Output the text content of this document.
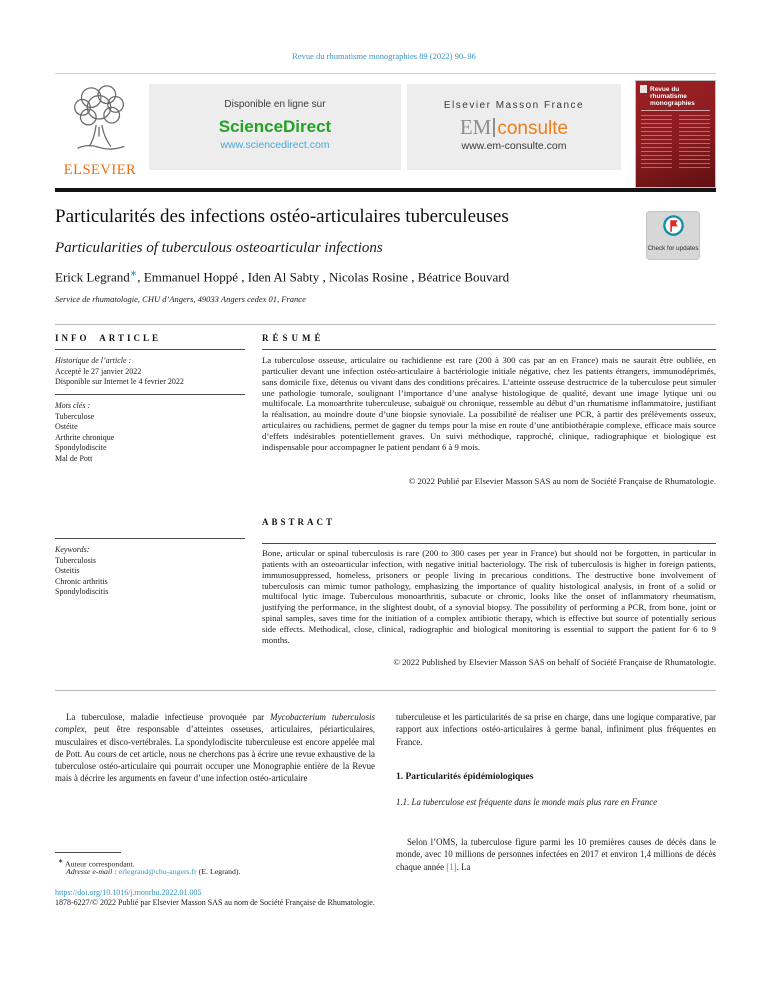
Revue du rhumatisme monographies 89 (2022) 90–96
ELSEVIER
Disponible en ligne sur
ScienceDirect
www.sciencedirect.com
Elsevier Masson France
EM consulte
www.em-consulte.com
Revue du rhumatisme monographies
Particularités des infections ostéo-articulaires tuberculeuses
Check for updates
Particularities of tuberculous osteoarticular infections
Erick Legrand∗, Emmanuel Hoppé , Iden Al Sabty , Nicolas Rosine , Béatrice Bouvard
Service de rhumatologie, CHU d’Angers, 49033 Angers cedex 01, France
INFO ARTICLE
Historique de l’article :
Accepté le 27 janvier 2022
Disponible sur Internet le 4 fevrier 2022
Mots clés :
Tuberculose
Ostéite
Arthrite chronique
Spondylodiscite
Mal de Pott
Keywords:
Tuberculosis
Osteitis
Chronic arthritis
Spondylodiscitis
RÉSUMÉ
La tuberculose osseuse, articulaire ou rachidienne est rare (200 à 300 cas par an en France) mais ne saurait être oubliée, en particulier devant une infection ostéo-articulaire à bactériologie initiale négative, chez les patients étrangers, immunodéprimés, sans domicile fixe, détenus ou vivant dans des conditions précaires. L’atteinte osseuse destructrice de la tuberculose peut simuler une pathologie tumorale, soulignant l’importance d’une analyse histologique de qualité, devant une image lytique uni ou multifocale. La monoarthrite tuberculeuse, subaiguë ou chronique, ressemble au début d’un rhumatisme inflammatoire, justifiant la réalisation, au moindre doute d’une biopsie synoviale. La possibilité de réaliser une PCR, à partir des prélèvements osseux, articulaires ou rachidiens, permet de gagner du temps pour la mise en route d’une antibiothérapie complexe, efficace mais source d’effets indésirables potentiellement graves. Un suivi méthodique, rapproché, clinique, radiographique et biologique est indispensable pour accompagner le patient pendant 6 à 9 mois.
© 2022 Publié par Elsevier Masson SAS au nom de Société Française de Rhumatologie.
ABSTRACT
Bone, articular or spinal tuberculosis is rare (200 to 300 cases per year in France) but should not be forgotten, in particular in patients with an osteoarticular infection, with negative initial bacteriology. The risk of tuberculosis is higher in foreign patients, immunosuppressed, homeless, prisoners or people living in precarious conditions. The destructive bone involvement of tuberculosis can mimic tumor pathology, emphasizing the importance of quality histological analysis, in front of a solid or multifocal lytic image. Tuberculous monoarthritis, subacute or chronic, looks like the onset of inflammatory rheumatism, justifying the performance, in the slightest doubt, of a synovial biopsy. The possibility of performing a PCR, from bone, joint or spinal samples, saves time for the initiation of a complex antibiotic therapy, which is effective but source of potentially serious side effects. Methodical, close, clinical, radiographic and biological monitoring is essential to support the patient for 6 to 9 months.
© 2022 Published by Elsevier Masson SAS on behalf of Société Française de Rhumatologie.
La tuberculose, maladie infectieuse provoquée par Mycobacterium tuberculosis complex, peut être responsable d’atteintes osseuses, articulaires, périarticulaires, musculaires et disco-vertébrales. La spondylodiscite tuberculeuse est encore appelée mal de Pott. Au cours de cet article, nous ne cherchons pas à écrire une revue exhaustive de la tuberculose ostéo-articulaire qui pourrait occuper une Monographie entière de la Revue mais à décrire les arguments en faveur d’une infection ostéo-articulaire
tuberculeuse et les particularités de sa prise en charge, dans une logique comparative, par rapport aux infections ostéo-articulaires à germe banal, infiniment plus fréquentes en France.
1. Particularités épidémiologiques
1.1. La tuberculose est fréquente dans le monde mais plus rare en France
Selon l’OMS, la tuberculose figure parmi les 10 premières causes de décès dans le monde, avec 10 millions de personnes infectées en 2017 et environ 1,4 millions de décès chaque année [1]. La
∗ Auteur correspondant.
Adresse e-mail : erlegrand@chu-angers.fr (E. Legrand).
https://doi.org/10.1016/j.monrhu.2022.01.005
1878-6227/© 2022 Publié par Elsevier Masson SAS au nom de Société Française de Rhumatologie.
